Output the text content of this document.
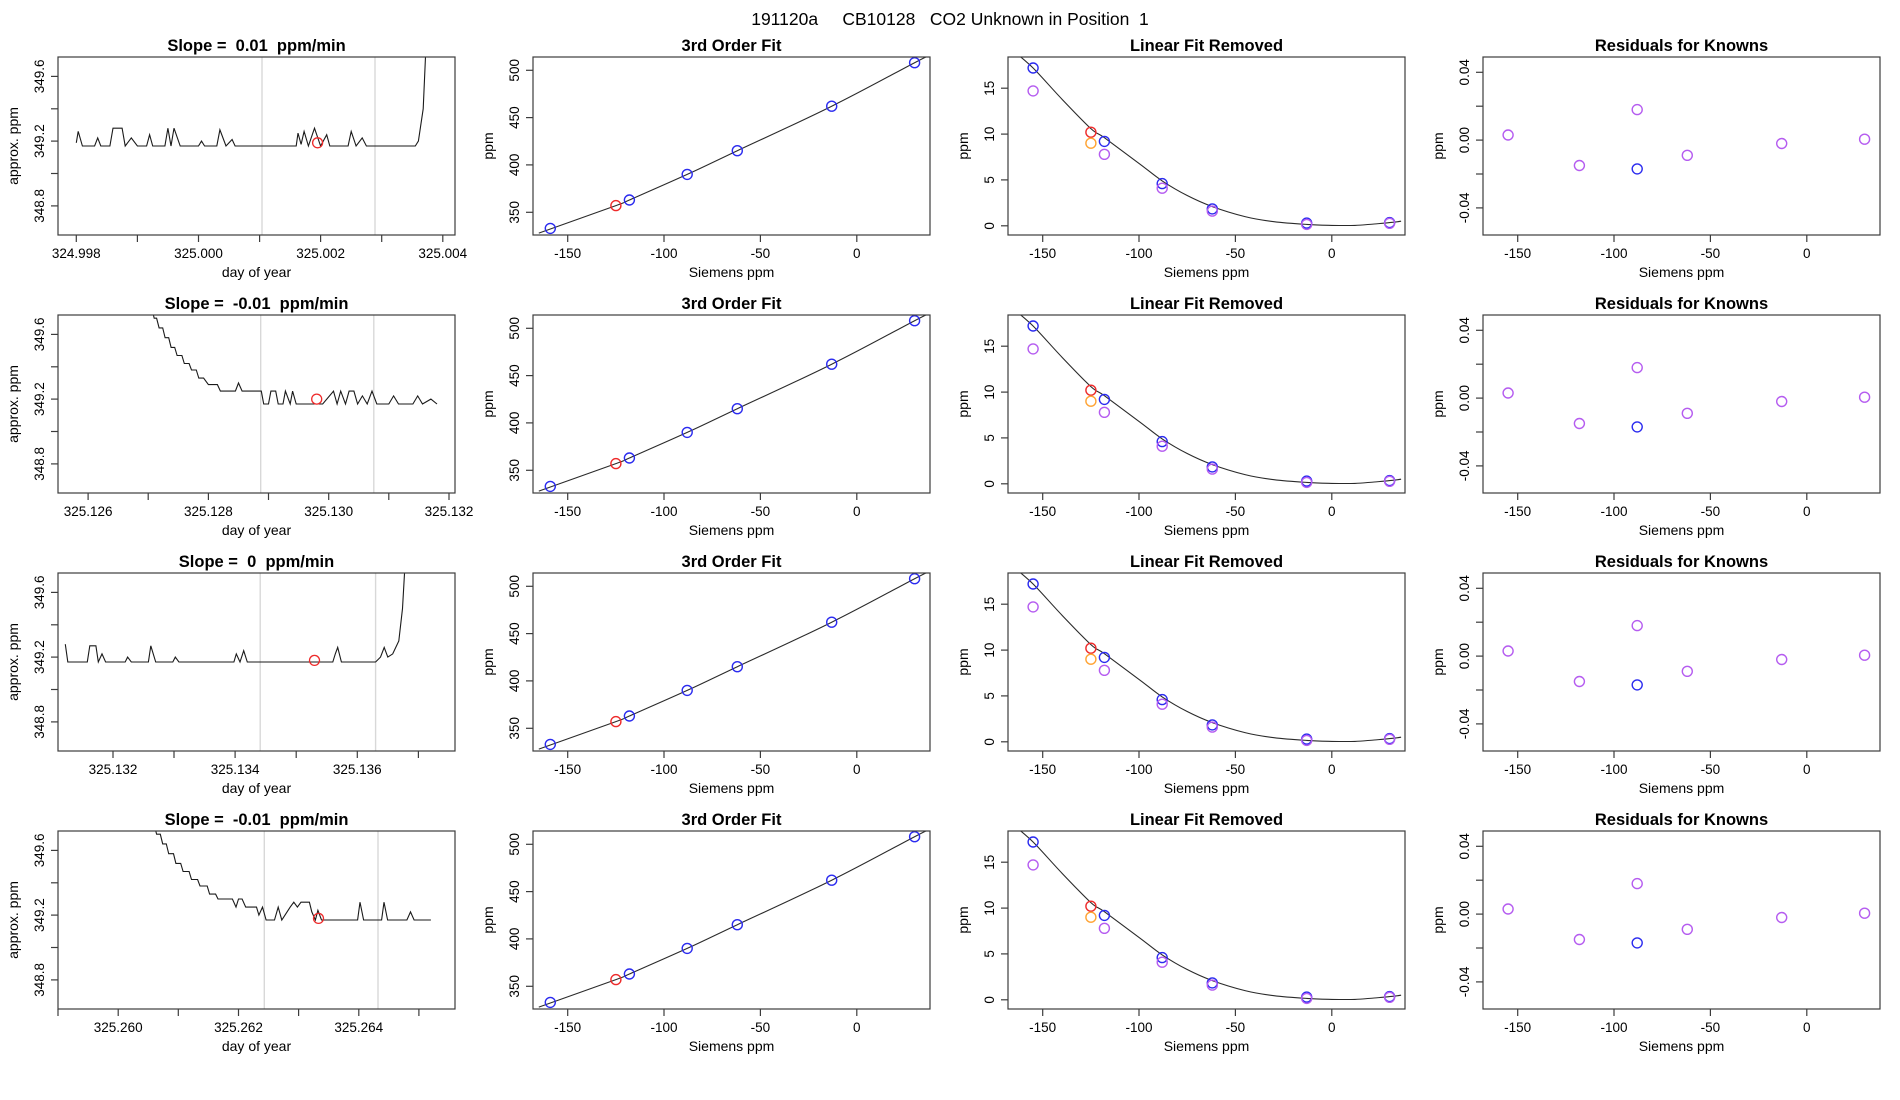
191120a     CB10128   CO2 Unknown in Position  1
324.998	325.000	325.002	325.004
day of year
348.8
349.2
349.6
approx. ppm
Slope =  0.01  ppm/min
-150	-100	-50	0
Siemens ppm
350
400
450
500
ppm
3rd Order Fit
-150	-100	-50	0
Siemens ppm
0
5
10
15
ppm
Linear Fit Removed
-150	-100	-50	0
Siemens ppm
-0.04
0.00
0.04
ppm
Residuals for Knowns
325.126	325.128	325.130	325.132
day of year
348.8
349.2
349.6
approx. ppm
Slope =  -0.01  ppm/min
-150	-100	-50	0
Siemens ppm
350
400
450
500
ppm
3rd Order Fit
-150	-100	-50	0
Siemens ppm
0
5
10
15
ppm
Linear Fit Removed
-150	-100	-50	0
Siemens ppm
-0.04
0.00
0.04
ppm
Residuals for Knowns
325.132	325.134	325.136
day of year
348.8
349.2
349.6
approx. ppm
Slope =  0  ppm/min
-150	-100	-50	0
Siemens ppm
350
400
450
500
ppm
3rd Order Fit
-150	-100	-50	0
Siemens ppm
0
5
10
15
ppm
Linear Fit Removed
-150	-100	-50	0
Siemens ppm
-0.04
0.00
0.04
ppm
Residuals for Knowns
325.260	325.262	325.264
day of year
348.8
349.2
349.6
approx. ppm
Slope =  -0.01  ppm/min
-150	-100	-50	0
Siemens ppm
350
400
450
500
ppm
3rd Order Fit
-150	-100	-50	0
Siemens ppm
0
5
10
15
ppm
Linear Fit Removed
-150	-100	-50	0
Siemens ppm
-0.04
0.00
0.04
ppm
Residuals for Knowns
